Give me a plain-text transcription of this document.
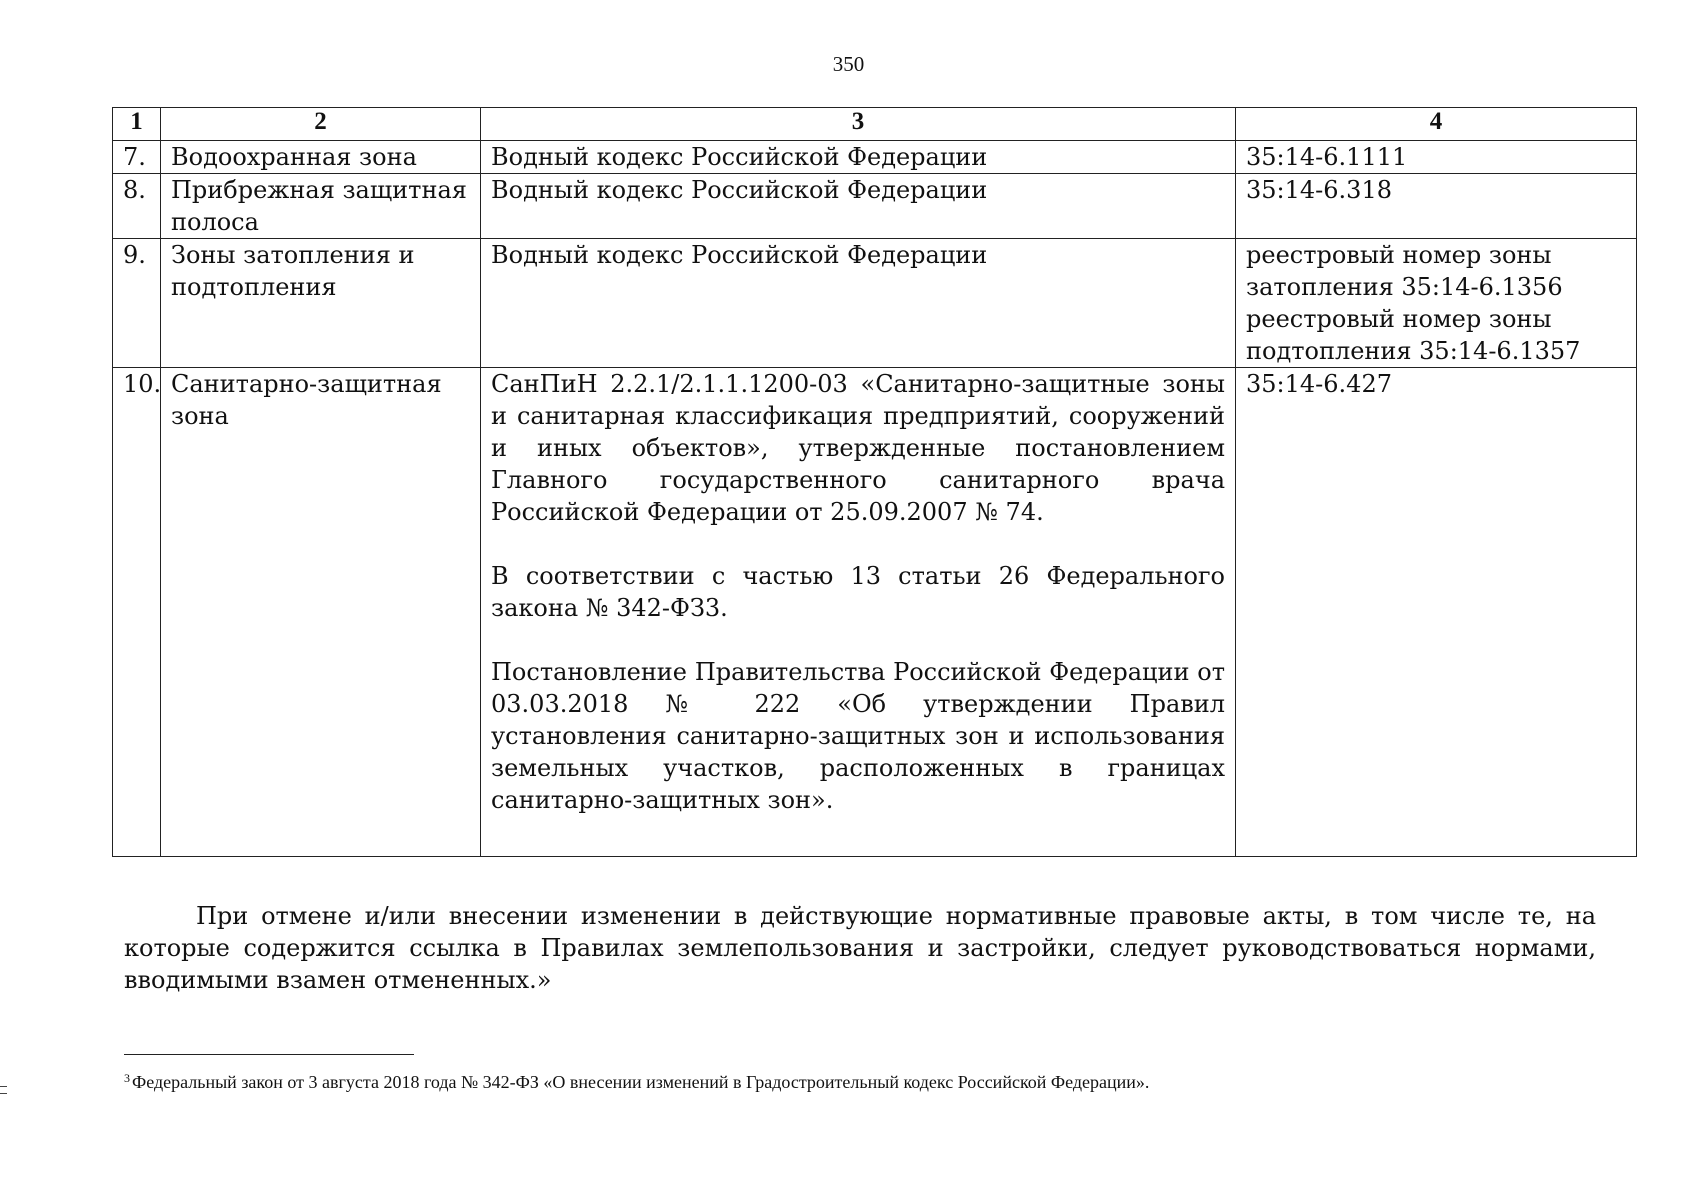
350
1	2	3	4
7.	Водоохранная зона	Водный кодекс Российской Федерации	35:14-6.1111
8.	Прибрежная защитная полоса	Водный кодекс Российской Федерации	35:14-6.318
9.	Зоны затопления и подтопления	Водный кодекс Российской Федерации	реестровый номер зоны затопления 35:14-6.1356 реестровый номер зоны подтопления 35:14-6.1357
10.	Санитарно-защитная зона	СанПиН 2.2.1/2.1.1.1200-03 «Санитарно-защитные зоны и санитарная классификация предприятий, сооружений и иных объектов», утвержденные постановлением Главного государственного санитарного врача Российской Федерации от 25.09.2007 № 74.

В соответствии с частью 13 статьи 26 Федерального закона № 342-ФЗ3.

Постановление Правительства Российской Федерации от 03.03.2018 № 222 «Об утверждении Правил установления санитарно-защитных зон и использования земельных участков, расположенных в границах санитарно-защитных зон».	35:14-6.427

При отмене и/или внесении изменении в действующие нормативные правовые акты, в том числе те, на которые содержится ссылка в Правилах землепользования и застройки, следует руководствоваться нормами, вводимыми взамен отмененных.»

$^3$ Федеральный закон от 3 августа 2018 года № 342-ФЗ «О внесении изменений в Градостроительный кодекс Российской Федерации».
